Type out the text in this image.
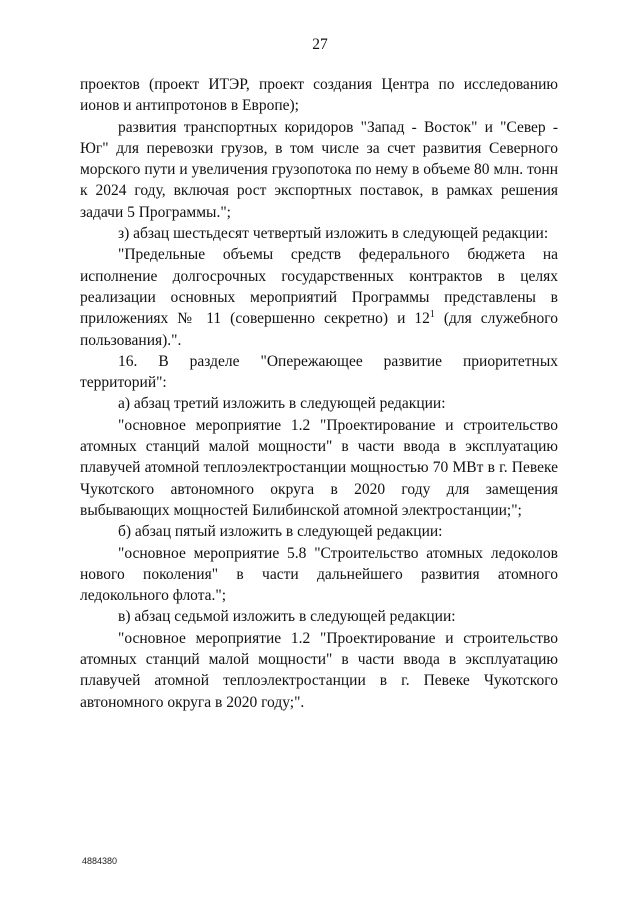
27

проектов (проект ИТЭР, проект создания Центра по исследованию ионов и антипротонов в Европе);

развития транспортных коридоров "Запад - Восток" и "Север - Юг" для перевозки грузов, в том числе за счет развития Северного морского пути и увеличения грузопотока по нему в объеме 80 млн. тонн к 2024 году, включая рост экспортных поставок, в рамках решения задачи 5 Программы.";

з) абзац шестьдесят четвертый изложить в следующей редакции:

"Предельные объемы средств федерального бюджета на исполнение долгосрочных государственных контрактов в целях реализации основных мероприятий Программы представлены в приложениях № 11 (совершенно секретно) и $12^1$ (для служебного пользования).".

16. В разделе "Опережающее развитие приоритетных территорий":

а) абзац третий изложить в следующей редакции:

"основное мероприятие 1.2 "Проектирование и строительство атомных станций малой мощности" в части ввода в эксплуатацию плавучей атомной теплоэлектростанции мощностью 70 МВт в г. Певеке Чукотского автономного округа в 2020 году для замещения выбывающих мощностей Билибинской атомной электростанции;";

б) абзац пятый изложить в следующей редакции:

"основное мероприятие 5.8 "Строительство атомных ледоколов нового поколения" в части дальнейшего развития атомного ледокольного флота.";

в) абзац седьмой изложить в следующей редакции:

"основное мероприятие 1.2 "Проектирование и строительство атомных станций малой мощности" в части ввода в эксплуатацию плавучей атомной теплоэлектростанции в г. Певеке Чукотского автономного округа в 2020 году;".

4884380
